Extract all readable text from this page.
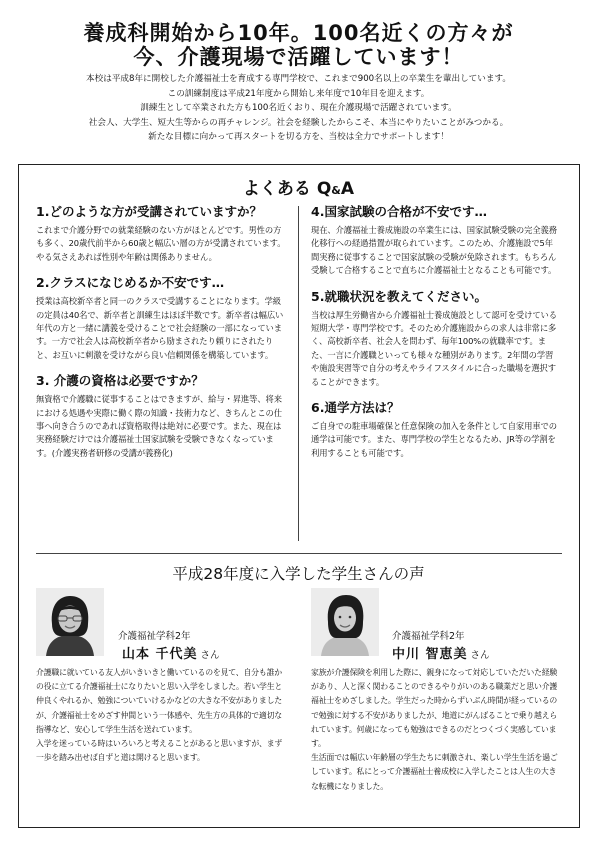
養成科開始から10年。100名近くの方々が
今、介護現場で活躍しています！
本校は平成8年に開校した介護福祉士を育成する専門学校で、これまで900名以上の卒業生を輩出しています。
この訓練制度は平成21年度から開始し来年度で10年目を迎えます。
訓練生として卒業された方も100名近くおり、現在介護現場で活躍されています。
社会人、大学生、短大生等からの再チャレンジ。社会を経験したからこそ、本当にやりたいことがみつかる。
新たな目標に向かって再スタートを切る方を、当校は全力でサポートします！
よくある Q&A
1.どのような方が受講されていますか？
これまで介護分野での就業経験のない方がほとんどです。男性の方も多く、20歳代前半から60歳と幅広い層の方が受講されています。やる気さえあれば性別や年齢は関係ありません。
2.クラスになじめるか不安です…
授業は高校新卒者と同一のクラスで受講することになります。学級の定員は40名で、新卒者と訓練生はほぼ半数です。新卒者は幅広い年代の方と一緒に講義を受けることで社会経験の一部になっています。一方で社会人は高校新卒者から励まされたり頼りにされたりと、お互いに刺激を受けながら良い信頼関係を構築しています。
3. 介護の資格は必要ですか？
無資格で介護職に従事することはできますが、給与・昇進等、将来における処遇や実際に働く際の知識・技術力など、きちんとこの仕事へ向き合うのであれば資格取得は絶対に必要です。また、現在は実務経験だけでは介護福祉士国家試験を受験できなくなっています。(介護実務者研修の受講が義務化)
4.国家試験の合格が不安です…
現在、介護福祉士養成施設の卒業生には、国家試験受験の完全義務化移行への経過措置が取られています。このため、介護施設で5年間実務に従事することで国家試験の受験が免除されます。もちろん受験して合格することで直ちに介護福祉士となることも可能です。
5.就職状況を教えてください。
当校は厚生労働省から介護福祉士養成施設として認可を受けている短期大学・専門学校です。そのため介護施設からの求人は非常に多く、高校新卒者、社会人を問わず、毎年100%の就職率です。また、一言に介護職といっても様々な種別があります。2年間の学習や施設実習等で自分の考えやライフスタイルに合った職場を選択することができます。
6.通学方法は？
ご自身での駐車場確保と任意保険の加入を条件として自家用車での通学は可能です。また、専門学校の学生となるため、JR等の学割を利用することも可能です。
平成28年度に入学した学生さんの声
介護福祉学科2年
山本 千代美 さん
介護福祉学科2年
中川 智恵美 さん

介護職に就いている友人がいきいきと働いているのを見て、自分も誰かの役に立てる介護福祉士になりたいと思い入学をしました。若い学生と仲良くやれるか、勉強についていけるかなどの大きな不安がありましたが、介護福祉士をめざす仲間という一体感や、先生方の具体的で適切な指導など、安心して学生生活を送れています。

入学を迷っている時はいろいろと考えることがあると思いますが、まず一歩を踏み出せば自ずと道は開けると思います。

家族が介護保険を利用した際に、親身になって対応していただいた経験があり、人と深く関わることのできるやりがいのある職業だと思い介護福祉士をめざしました。学生だった時からずいぶん時間が経っているので勉強に対する不安がありましたが、地道にがんばることで乗り越えられています。何歳になっても勉強はできるのだとつくづく実感しています。

生活面では幅広い年齢層の学生たちに刺激され、楽しい学生生活を過ごしています。私にとって介護福祉士養成校に入学したことは人生の大きな転機になりました。
